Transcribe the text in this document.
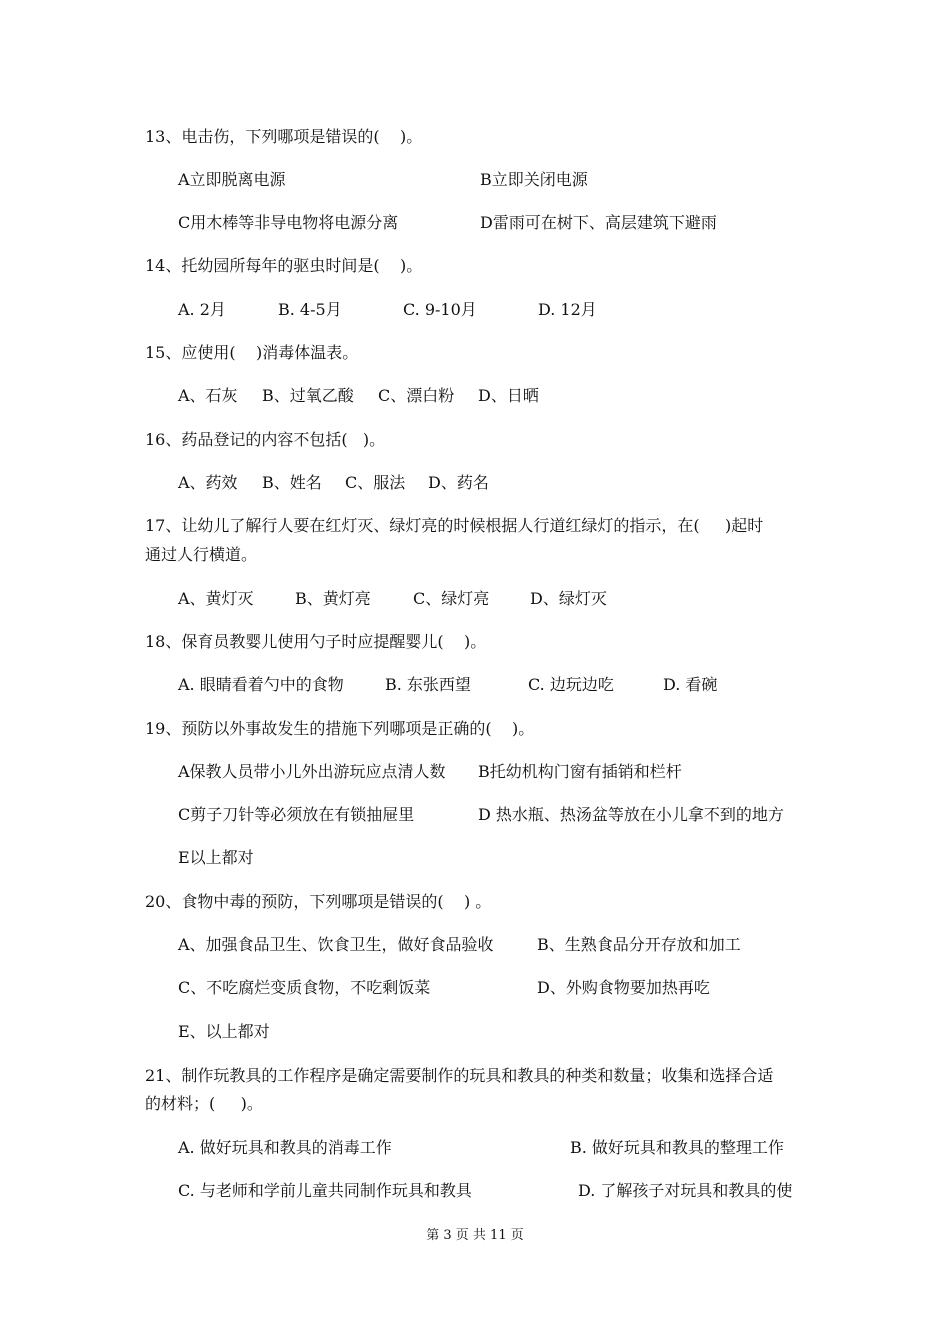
13、电击伤，下列哪项是错误的(    )。
A立即脱离电源	B立即关闭电源
C用木棒等非导电物将电源分离	D雷雨可在树下、高层建筑下避雨
14、托幼园所每年的驱虫时间是(    )。
A. 2月	B. 4-5月	C. 9-10月	D. 12月
15、应使用(    )消毒体温表。
A、石灰 B、过氧乙酸 C、漂白粉 D、日晒
16、药品登记的内容不包括(   )。
A、药效 B、姓名 C、服法 D、药名
17、让幼儿了解行人要在红灯灭、绿灯亮的时候根据人行道红绿灯的指示，在(     )起时
通过人行横道。
A、黄灯灭	B、黄灯亮	C、绿灯亮	D、绿灯灭
18、保育员教婴儿使用勺子时应提醒婴儿(    )。
A. 眼睛看着勺中的食物	B. 东张西望	C. 边玩边吃	D. 看碗
19、预防以外事故发生的措施下列哪项是正确的(    )。
A保教人员带小儿外出游玩应点清人数 B托幼机构门窗有插销和栏杆
C剪子刀针等必须放在有锁抽屉里	D 热水瓶、热汤盆等放在小儿拿不到的地方
E以上都对
20、食物中毒的预防，下列哪项是错误的(    ) 。
A、加强食品卫生、饮食卫生，做好食品验收	B、生熟食品分开存放和加工
C、不吃腐烂变质食物，不吃剩饭菜	D、外购食物要加热再吃
E、以上都对
21、制作玩教具的工作程序是确定需要制作的玩具和教具的种类和数量；收集和选择合适
的材料；(     )。
A. 做好玩具和教具的消毒工作	B. 做好玩具和教具的整理工作
C. 与老师和学前儿童共同制作玩具和教具	D. 了解孩子对玩具和教具的使
第 3 页 共 11 页
